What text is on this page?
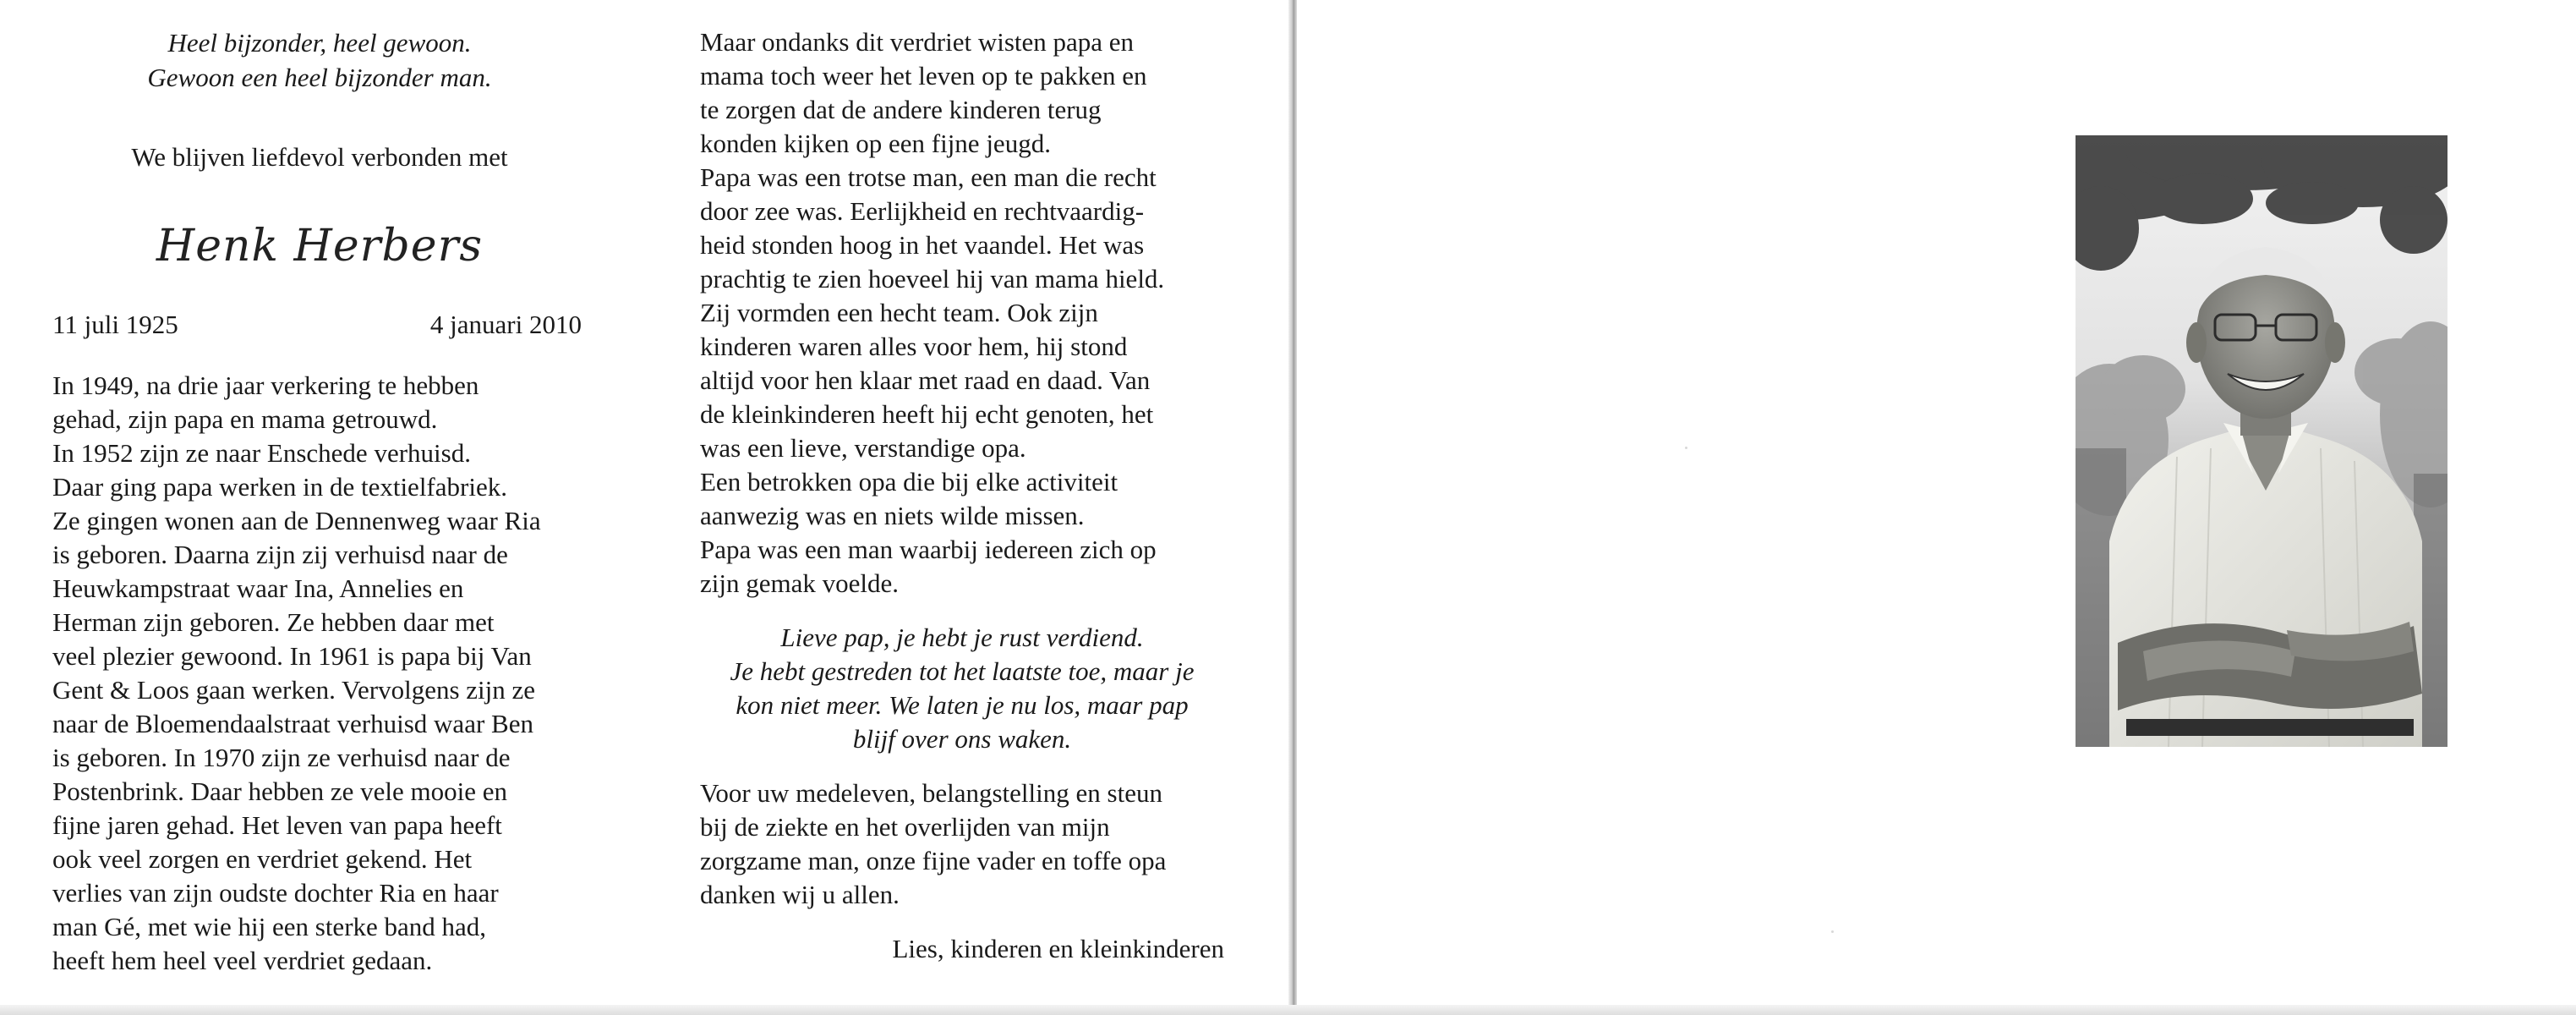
Heel bijzonder, heel gewoon.

Gewoon een heel bijzonder man.

We blijven liefdevol verbonden met

Henk Herbers

11 juli 1925	4 januari 2010

In 1949, na drie jaar verkering te hebben
gehad, zijn papa en mama getrouwd.
In 1952 zijn ze naar Enschede verhuisd.
Daar ging papa werken in de textielfabriek.
Ze gingen wonen aan de Dennenweg waar Ria
is geboren. Daarna zijn zij verhuisd naar de
Heuwkampstraat waar Ina, Annelies en
Herman zijn geboren. Ze hebben daar met
veel plezier gewoond. In 1961 is papa bij Van
Gent & Loos gaan werken. Vervolgens zijn ze
naar de Bloemendaalstraat verhuisd waar Ben
is geboren. In 1970 zijn ze verhuisd naar de
Postenbrink. Daar hebben ze vele mooie en
fijne jaren gehad. Het leven van papa heeft
ook veel zorgen en verdriet gekend. Het
verlies van zijn oudste dochter Ria en haar
man Gé, met wie hij een sterke band had,
heeft hem heel veel verdriet gedaan.

Maar ondanks dit verdriet wisten papa en
mama toch weer het leven op te pakken en
te zorgen dat de andere kinderen terug
konden kijken op een fijne jeugd.
Papa was een trotse man, een man die recht
door zee was. Eerlijkheid en rechtvaardig-
heid stonden hoog in het vaandel. Het was
prachtig te zien hoeveel hij van mama hield.
Zij vormden een hecht team. Ook zijn
kinderen waren alles voor hem, hij stond
altijd voor hen klaar met raad en daad. Van
de kleinkinderen heeft hij echt genoten, het
was een lieve, verstandige opa.
Een betrokken opa die bij elke activiteit
aanwezig was en niets wilde missen.
Papa was een man waarbij iedereen zich op
zijn gemak voelde.

Lieve pap, je hebt je rust verdiend.
Je hebt gestreden tot het laatste toe, maar je
kon niet meer. We laten je nu los, maar pap
blijf over ons waken.

Voor uw medeleven, belangstelling en steun
bij de ziekte en het overlijden van mijn
zorgzame man, onze fijne vader en toffe opa
danken wij u allen.

Lies, kinderen en kleinkinderen
